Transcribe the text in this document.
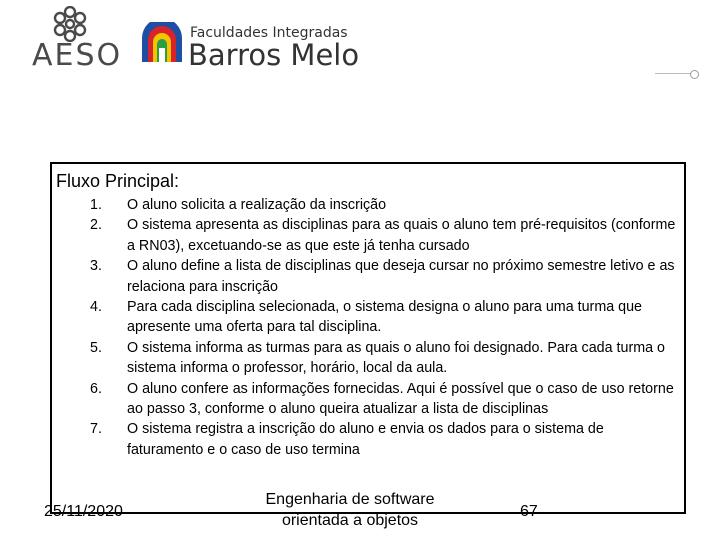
AESO
Faculdades Integradas
Barros Melo
Fluxo Principal:
1. O aluno solicita a realização da inscrição
2. O sistema apresenta as disciplinas para as quais o aluno tem pré-requisitos (conforme a RN03), excetuando-se as que este já tenha cursado
3. O aluno define a lista de disciplinas que deseja cursar no próximo semestre letivo e as relaciona para inscrição
4. Para cada disciplina selecionada, o sistema designa o aluno para uma turma que apresente uma oferta para tal disciplina.
5. O sistema informa as turmas para as quais o aluno foi designado. Para cada turma o sistema informa o professor, horário, local da aula.
6. O aluno confere as informações fornecidas. Aqui é possível que o caso de uso retorne ao passo 3, conforme o aluno queira atualizar a lista de disciplinas
7. O sistema registra a inscrição do aluno e envia os dados para o sistema de faturamento e o caso de uso termina
25/11/2020
Engenharia de software
orientada a objetos
67
